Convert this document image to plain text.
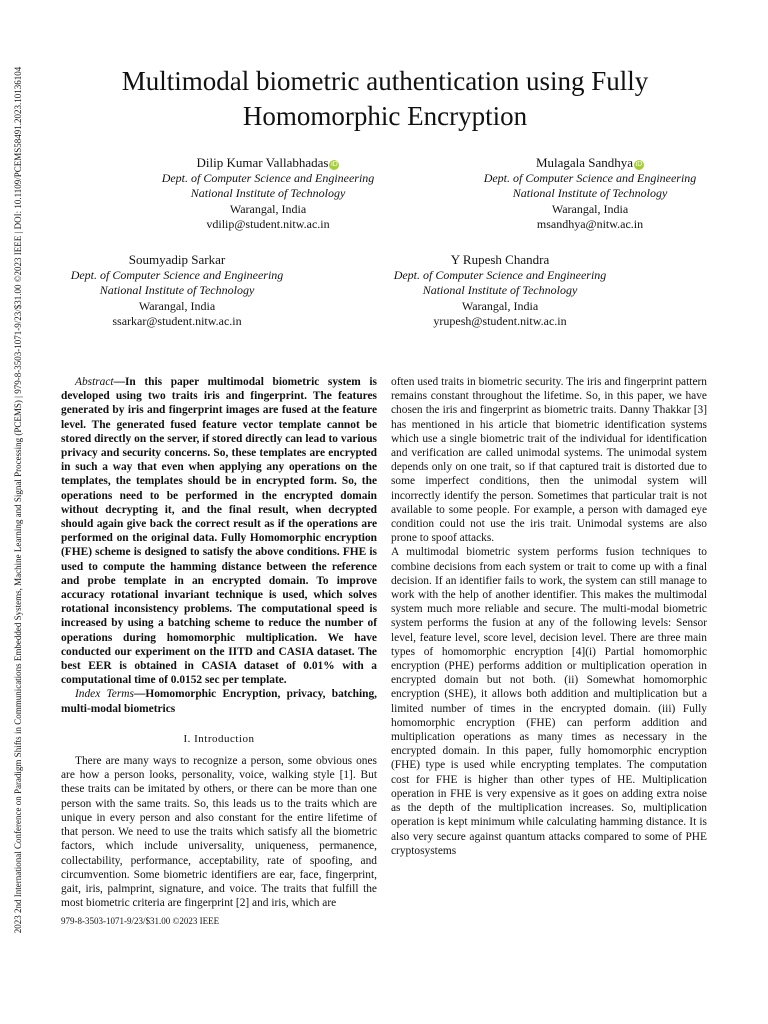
2023 2nd International Conference on Paradigm Shifts in Communications Embedded Systems, Machine Learning and Signal Processing (PCEMS) | 979-8-3503-1071-9/23/$31.00 ©2023 IEEE | DOI: 10.1109/PCEMS58491.2023.10136104	Multimodal biometric authentication using Fully Homomorphic Encryption
Dilip Kumar Vallabhadas iD
Dept. of Computer Science and Engineering
National Institute of Technology
Warangal, India
vdilip@student.nitw.ac.in
Mulagala Sandhya iD
Dept. of Computer Science and Engineering
National Institute of Technology
Warangal, India
msandhya@nitw.ac.in
Soumyadip Sarkar
Dept. of Computer Science and Engineering
National Institute of Technology
Warangal, India
ssarkar@student.nitw.ac.in
Y Rupesh Chandra
Dept. of Computer Science and Engineering
National Institute of Technology
Warangal, India
yrupesh@student.nitw.ac.in

Abstract—In this paper multimodal biometric system is developed using two traits iris and fingerprint. The features generated by iris and fingerprint images are fused at the feature level. The generated fused feature vector template cannot be stored directly on the server, if stored directly can lead to various privacy and security concerns. So, these templates are encrypted in such a way that even when applying any operations on the templates, the templates should be in encrypted form. So, the operations need to be performed in the encrypted domain without decrypting it, and the final result, when decrypted should again give back the correct result as if the operations are performed on the original data. Fully Homomorphic encryption (FHE) scheme is designed to satisfy the above conditions. FHE is used to compute the hamming distance between the reference and probe template in an encrypted domain. To improve accuracy rotational invariant technique is used, which solves rotational inconsistency problems. The computational speed is increased by using a batching scheme to reduce the number of operations during homomorphic multiplication. We have conducted our experiment on the IITD and CASIA dataset. The best EER is obtained in CASIA dataset of 0.01% with a computational time of 0.0152 sec per template.

Index Terms—Homomorphic Encryption, privacy, batching, multi-modal biometrics

I. Introduction

There are many ways to recognize a person, some obvious ones are how a person looks, personality, voice, walking style [1]. But these traits can be imitated by others, or there can be more than one person with the same traits. So, this leads us to the traits which are unique in every person and also constant for the entire lifetime of that person. We need to use the traits which satisfy all the biometric factors, which include universality, uniqueness, permanence, collectability, performance, acceptability, rate of spoofing, and circumvention. Some biometric identifiers are ear, face, fingerprint, gait, iris, palmprint, signature, and voice. The traits that fulfill the most biometric criteria are fingerprint [2] and iris, which are

often used traits in biometric security. The iris and fingerprint pattern remains constant throughout the lifetime. So, in this paper, we have chosen the iris and fingerprint as biometric traits. Danny Thakkar [3] has mentioned in his article that biometric identification systems which use a single biometric trait of the individual for identification and verification are called unimodal systems. The unimodal system depends only on one trait, so if that captured trait is distorted due to some imperfect conditions, then the unimodal system will incorrectly identify the person. Sometimes that particular trait is not available to some people. For example, a person with damaged eye condition could not use the iris trait. Unimodal systems are also prone to spoof attacks.

A multimodal biometric system performs fusion techniques to combine decisions from each system or trait to come up with a final decision. If an identifier fails to work, the system can still manage to work with the help of another identifier. This makes the multimodal system much more reliable and secure. The multi-modal biometric system performs the fusion at any of the following levels: Sensor level, feature level, score level, decision level. There are three main types of homomorphic encryption [4](i) Partial homomorphic encryption (PHE) performs addition or multiplication operation in encrypted domain but not both. (ii) Somewhat homomorphic encryption (SHE), it allows both addition and multiplication but a limited number of times in the encrypted domain. (iii) Fully homomorphic encryption (FHE) can perform addition and multiplication operations as many times as necessary in the encrypted domain. In this paper, fully homomorphic encryption (FHE) type is used while encrypting templates. The computation cost for FHE is higher than other types of HE. Multiplication operation in FHE is very expensive as it goes on adding extra noise as the depth of the multiplication increases. So, multiplication operation is kept minimum while calculating hamming distance. It is also very secure against quantum attacks compared to some of PHE cryptosystems

979-8-3503-1071-9/23/$31.00 ©2023 IEEE
